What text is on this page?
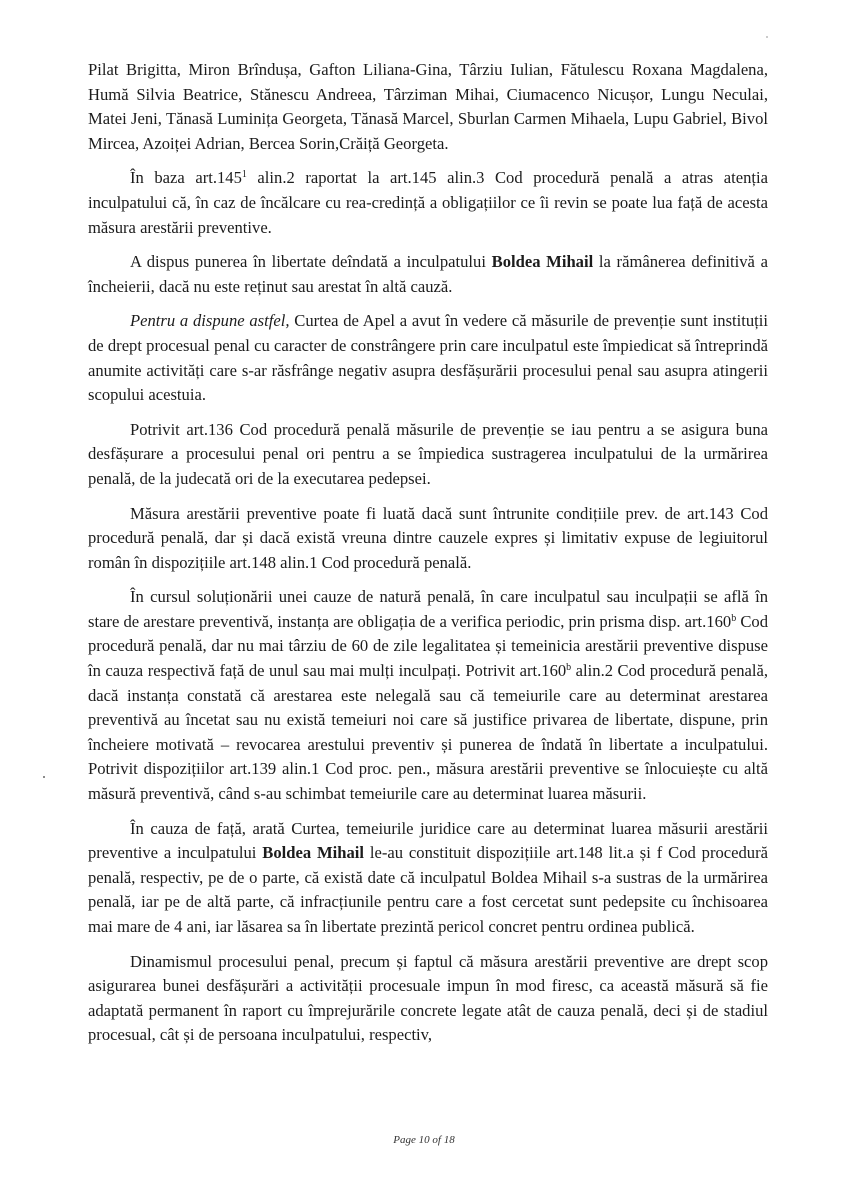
Pilat Brigitta, Miron Brîndușa, Gafton Liliana-Gina, Târziu Iulian, Fătulescu Roxana Magdalena, Humă Silvia Beatrice, Stănescu Andreea, Târziman Mihai, Ciumacenco Nicușor, Lungu Neculai, Matei Jeni, Tănasă Luminița Georgeta, Tănasă Marcel, Sburlan Carmen Mihaela, Lupu Gabriel, Bivol Mircea, Azoiței Adrian, Bercea Sorin,Crăiță Georgeta.

În baza art.145$^1$ alin.2 raportat la art.145 alin.3 Cod procedură penală a atras atenția inculpatului că, în caz de încălcare cu rea-credință a obligațiilor ce îi revin se poate lua față de acesta măsura arestării preventive.

A dispus punerea în libertate deîndată a inculpatului Boldea Mihail la rămânerea definitivă a încheierii, dacă nu este reținut sau arestat în altă cauză.

Pentru a dispune astfel, Curtea de Apel a avut în vedere că măsurile de prevenție sunt instituții de drept procesual penal cu caracter de constrângere prin care inculpatul este împiedicat să întreprindă anumite activități care s-ar răsfrânge negativ asupra desfășurării procesului penal sau asupra atingerii scopului acestuia.

Potrivit art.136 Cod procedură penală măsurile de prevenție se iau pentru a se asigura buna desfășurare a procesului penal ori pentru a se împiedica sustragerea inculpatului de la urmărirea penală, de la judecată ori de la executarea pedepsei.

Măsura arestării preventive poate fi luată dacă sunt întrunite condițiile prev. de art.143 Cod procedură penală, dar și dacă există vreuna dintre cauzele expres și limitativ expuse de legiuitorul român în dispozițiile art.148 alin.1 Cod procedură penală.

În cursul soluționării unei cauze de natură penală, în care inculpatul sau inculpații se află în stare de arestare preventivă, instanța are obligația de a verifica periodic, prin prisma disp. art.160$^b$ Cod procedură penală, dar nu mai târziu de 60 de zile legalitatea și temeinicia arestării preventive dispuse în cauza respectivă față de unul sau mai mulți inculpați. Potrivit art.160$^b$ alin.2 Cod procedură penală, dacă instanța constată că arestarea este nelegală sau că temeiurile care au determinat arestarea preventivă au încetat sau nu există temeiuri noi care să justifice privarea de libertate, dispune, prin încheiere motivată – revocarea arestului preventiv și punerea de îndată în libertate a inculpatului. Potrivit dispozițiilor art.139 alin.1 Cod proc. pen., măsura arestării preventive se înlocuiește cu altă măsură preventivă, când s-au schimbat temeiurile care au determinat luarea măsurii.

În cauza de față, arată Curtea, temeiurile juridice care au determinat luarea măsurii arestării preventive a inculpatului Boldea Mihail le-au constituit dispozițiile art.148 lit.a și f Cod procedură penală, respectiv, pe de o parte, că există date că inculpatul Boldea Mihail s-a sustras de la urmărirea penală, iar pe de altă parte, că infracțiunile pentru care a fost cercetat sunt pedepsite cu închisoarea mai mare de 4 ani, iar lăsarea sa în libertate prezintă pericol concret pentru ordinea publică.

Dinamismul procesului penal, precum și faptul că măsura arestării preventive are drept scop asigurarea bunei desfășurări a activității procesuale impun în mod firesc, ca această măsură să fie adaptată permanent în raport cu împrejurările concrete legate atât de cauza penală, deci și de stadiul procesual, cât și de persoana inculpatului, respectiv,

Page 10 of 18
